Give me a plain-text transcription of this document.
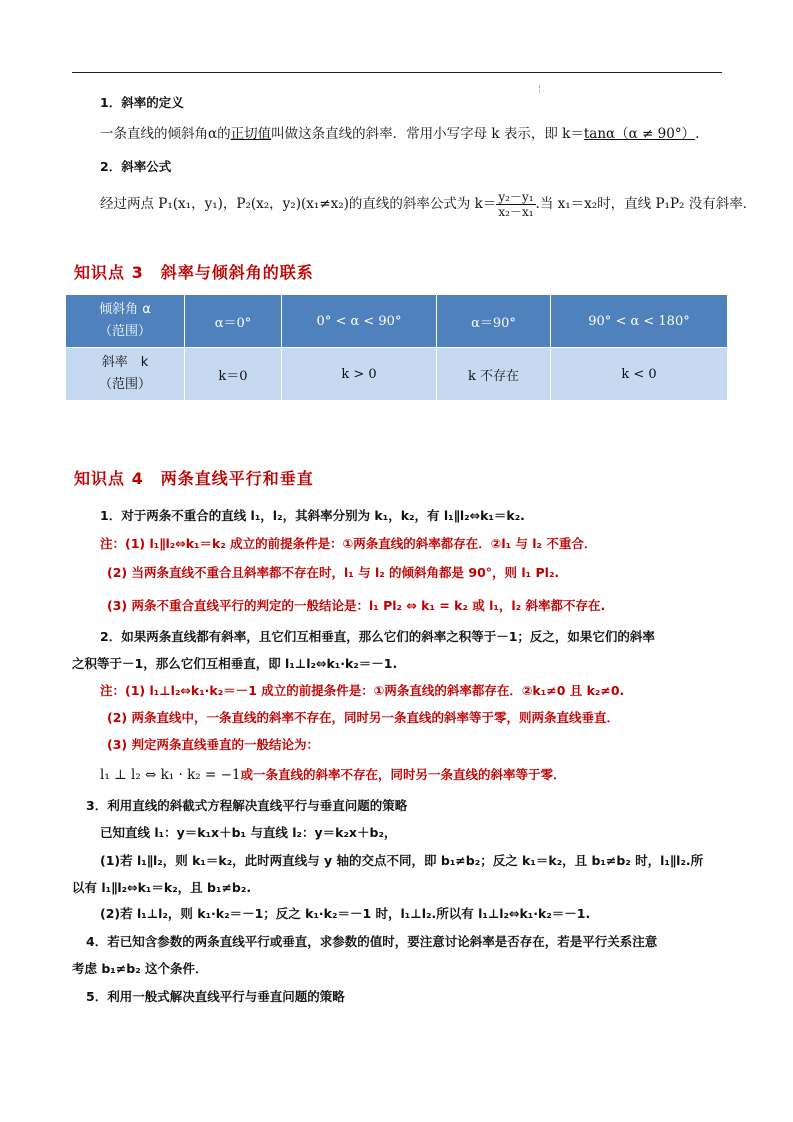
¦
1．斜率的定义
一条直线的倾斜角α的正切值叫做这条直线的斜率．常用小写字母 k 表示，即 k＝tanα（α ≠ 90°）.
2．斜率公式
经过两点 P₁(x₁，y₁)，P₂(x₂，y₂)(x₁≠x₂)的直线的斜率公式为 $k= \frac{\text{y₂－y₁}}{\text{x₂－x₁}}$ .当 x₁＝x₂时，直线 P₁P₂ 没有斜率．
知识点 3　斜率与倾斜角的联系
倾斜角 α
（范围）	α＝0°	0° < α < 90°	α＝90°	90° < α < 180°

斜率　k
（范围）	k＝0	k > 0	k 不存在	k < 0
知识点 4　两条直线平行和垂直
1．对于两条不重合的直线 l₁，l₂，其斜率分别为 k₁，k₂，有 l₁∥l₂⇔k₁＝k₂.
注：(1) l₁∥l₂⇔k₁＝k₂ 成立的前提条件是：①两条直线的斜率都存在．②l₁ 与 l₂ 不重合．
(2) 当两条直线不重合且斜率都不存在时，l₁ 与 l₂ 的倾斜角都是 90°，则 l₁ Pl₂.
(3) 两条不重合直线平行的判定的一般结论是：l₁ Pl₂ ⇔ k₁ = k₂ 或 l₁，l₂ 斜率都不存在.
2．如果两条直线都有斜率，且它们互相垂直，那么它们的斜率之积等于－1；反之，如果它们的斜率
之积等于－1，那么它们互相垂直，即 l₁⊥l₂⇔k₁·k₂＝－1.
注：(1) l₁⊥l₂⇔k₁·k₂＝－1 成立的前提条件是：①两条直线的斜率都存在．②k₁≠0 且 k₂≠0.
(2) 两条直线中，一条直线的斜率不存在，同时另一条直线的斜率等于零，则两条直线垂直．
(3) 判定两条直线垂直的一般结论为：
l₁ ⊥ l₂ ⇔ k₁ · k₂ = −1或一条直线的斜率不存在，同时另一条直线的斜率等于零．
3．利用直线的斜截式方程解决直线平行与垂直问题的策略
已知直线 l₁：y＝k₁x＋b₁ 与直线 l₂：y＝k₂x＋b₂，
(1)若 l₁∥l₂，则 k₁＝k₂，此时两直线与 y 轴的交点不同，即 b₁≠b₂；反之 k₁＝k₂，且 b₁≠b₂ 时，l₁∥l₂.所
以有 l₁∥l₂⇔k₁＝k₂，且 b₁≠b₂.
(2)若 l₁⊥l₂，则 k₁·k₂＝－1；反之 k₁·k₂＝－1 时，l₁⊥l₂.所以有 l₁⊥l₂⇔k₁·k₂＝－1.
4．若已知含参数的两条直线平行或垂直，求参数的值时，要注意讨论斜率是否存在，若是平行关系注意
考虑 b₁≠b₂ 这个条件．
5．利用一般式解决直线平行与垂直问题的策略
